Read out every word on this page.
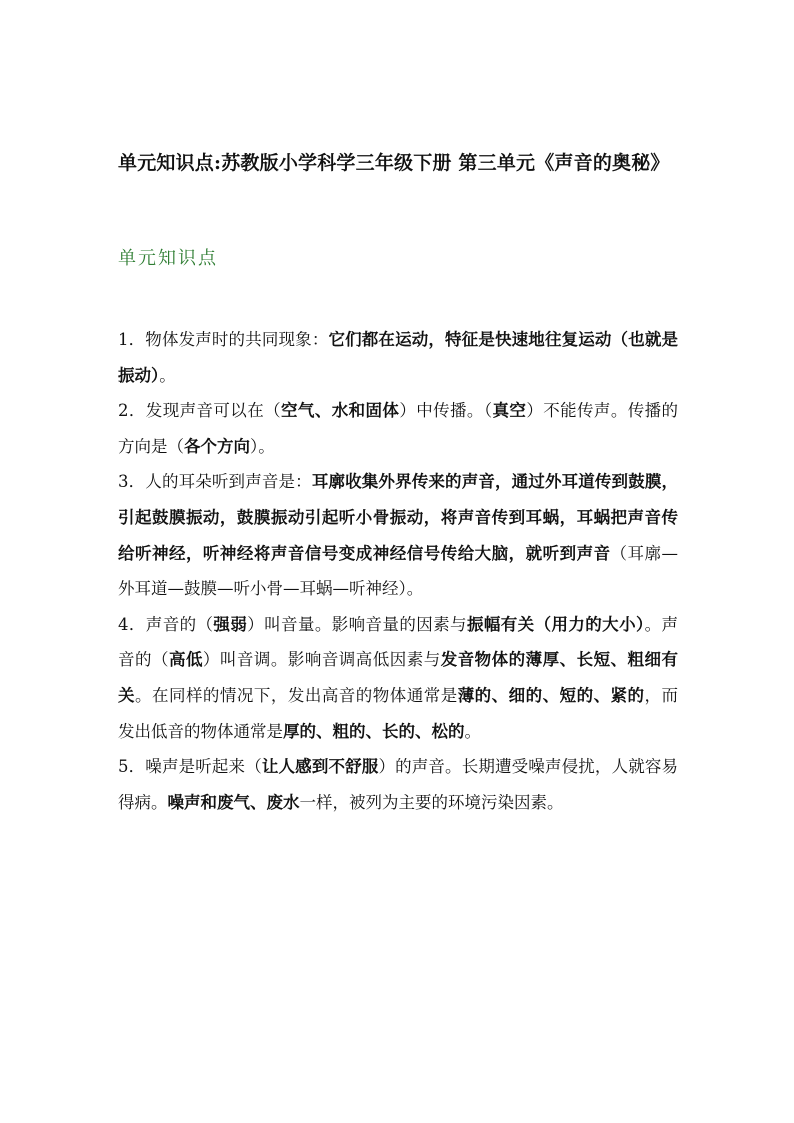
单元知识点:苏教版小学科学三年级下册 第三单元《声音的奥秘》
单元知识点

1．物体发声时的共同现象：它们都在运动，特征是快速地往复运动（也就是振动）。

2．发现声音可以在（空气、水和固体）中传播。（真空）不能传声。传播的方向是（各个方向）。

3．人的耳朵听到声音是：耳廓收集外界传来的声音，通过外耳道传到鼓膜，引起鼓膜振动，鼓膜振动引起听小骨振动，将声音传到耳蜗，耳蜗把声音传给听神经，听神经将声音信号变成神经信号传给大脑，就听到声音（耳廓—外耳道—鼓膜—听小骨—耳蜗—听神经）。

4．声音的（强弱）叫音量。影响音量的因素与振幅有关（用力的大小）。声音的（高低）叫音调。影响音调高低因素与发音物体的薄厚、长短、粗细有关。在同样的情况下，发出高音的物体通常是薄的、细的、短的、紧的，而发出低音的物体通常是厚的、粗的、长的、松的。

5．噪声是听起来（让人感到不舒服）的声音。长期遭受噪声侵扰，人就容易得病。噪声和废气、废水一样，被列为主要的环境污染因素。
